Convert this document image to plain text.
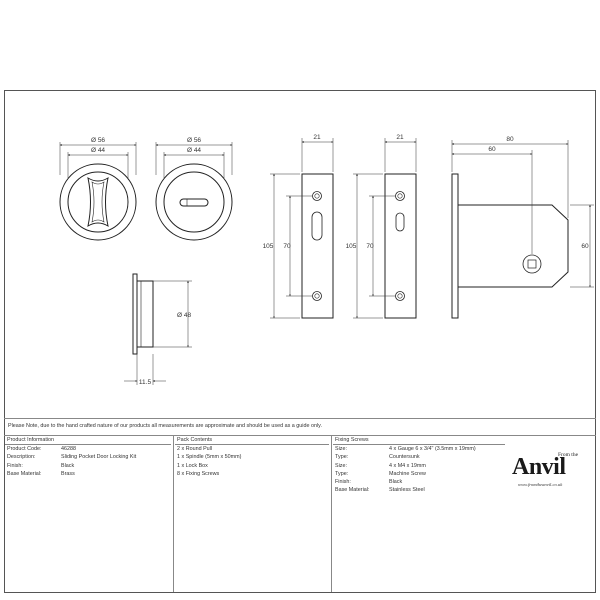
Ø 56
Ø 44
Ø 56
Ø 44
Ø 48
11.5
21
105 70
21
105 70
80
60
60
Please Note, due to the hand crafted nature of our products all measurements are approximate and should be used as a guide only.
Product Information	
Product Code:	46288
Description:	Sliding Pocket Door Locking Kit
Finish:	Black
Base Material:	Brass
Pack Contents
2 x Round Pull
1 x Spindle (5mm x 50mm)
1 x Lock Box
8 x Fixing Screws
Fixing Screws	
Size:	4 x Gauge 6 x 3/4" (3.5mm x 19mm)
Type:	Countersunk
Size:	4 x M4 x 19mm
Type:	Machine Screw
Finish:	Black
Base Material:	Stainless Steel
From the
Anvil
www.fromtheanvil.co.uk
